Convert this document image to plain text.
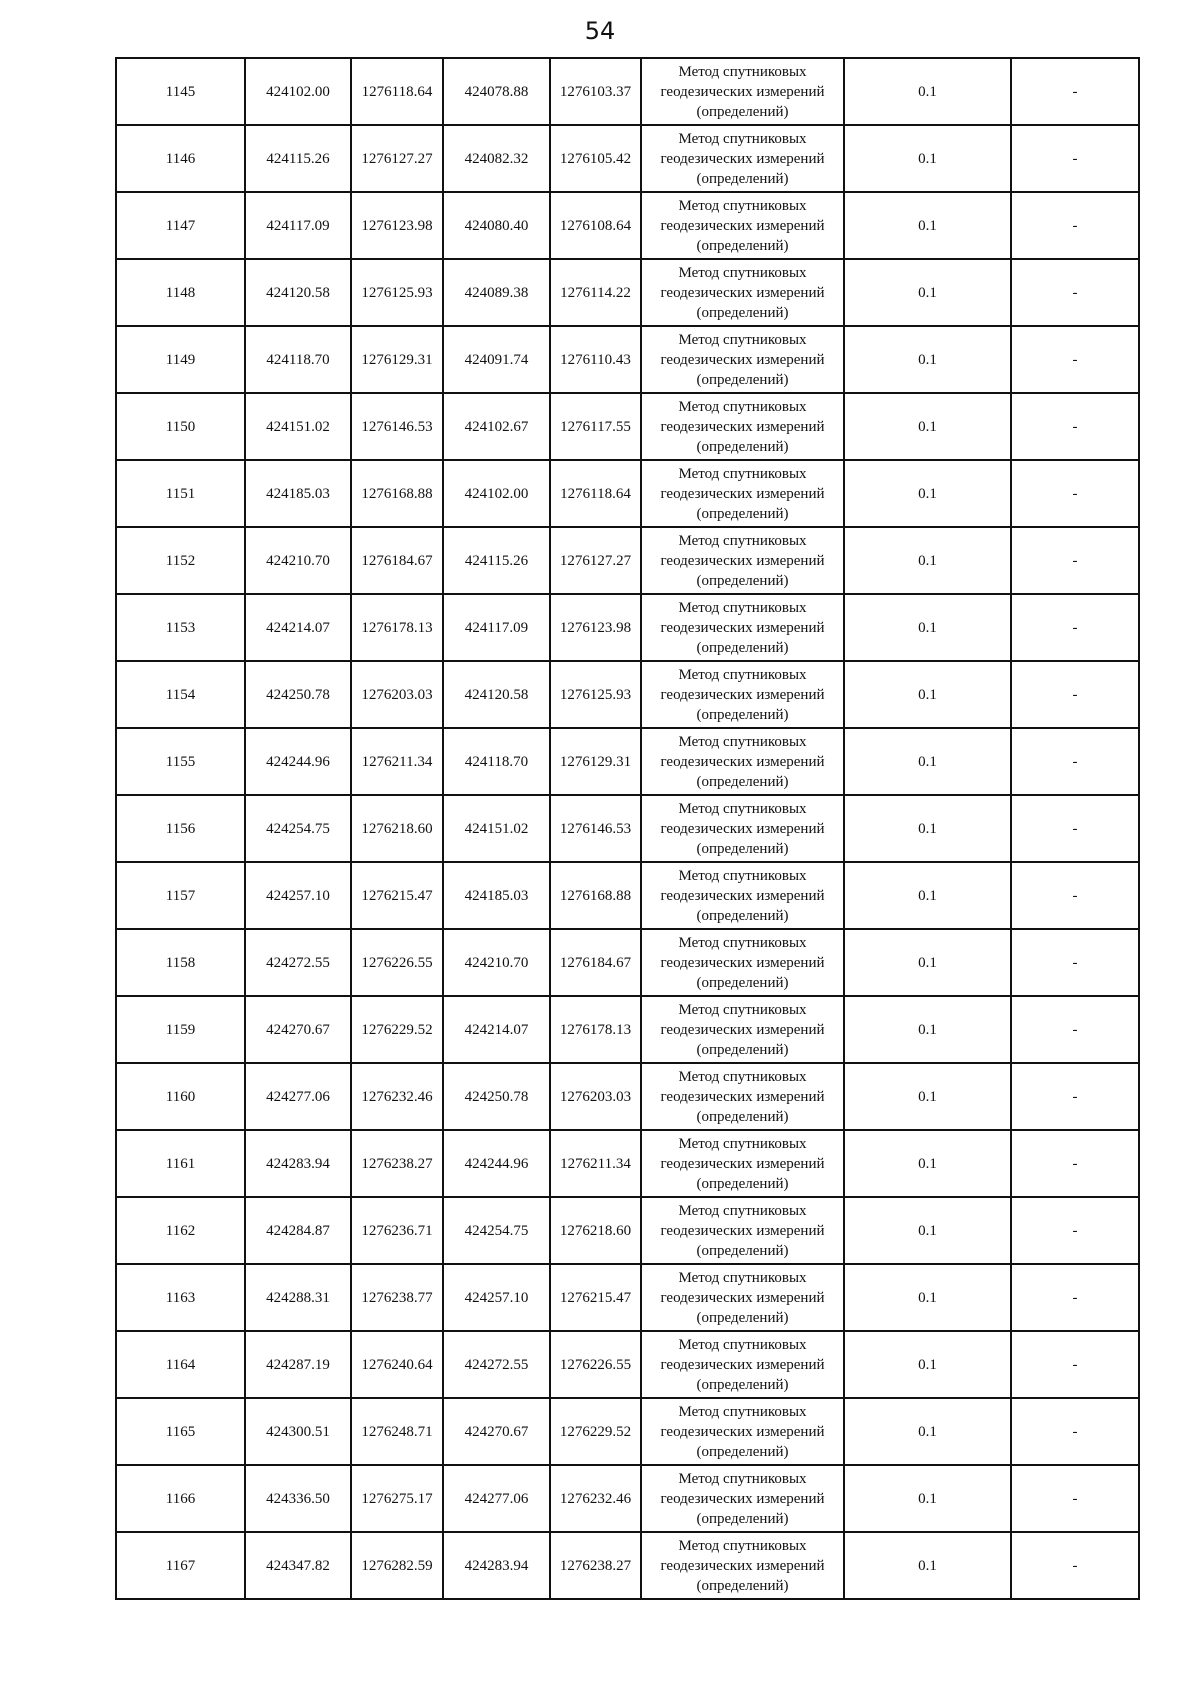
54
1145	424102.00	1276118.64	424078.88	1276103.37	Метод спутниковых геодезических измерений (определений)	0.1	-
1146	424115.26	1276127.27	424082.32	1276105.42	Метод спутниковых геодезических измерений (определений)	0.1	-
1147	424117.09	1276123.98	424080.40	1276108.64	Метод спутниковых геодезических измерений (определений)	0.1	-
1148	424120.58	1276125.93	424089.38	1276114.22	Метод спутниковых геодезических измерений (определений)	0.1	-
1149	424118.70	1276129.31	424091.74	1276110.43	Метод спутниковых геодезических измерений (определений)	0.1	-
1150	424151.02	1276146.53	424102.67	1276117.55	Метод спутниковых геодезических измерений (определений)	0.1	-
1151	424185.03	1276168.88	424102.00	1276118.64	Метод спутниковых геодезических измерений (определений)	0.1	-
1152	424210.70	1276184.67	424115.26	1276127.27	Метод спутниковых геодезических измерений (определений)	0.1	-
1153	424214.07	1276178.13	424117.09	1276123.98	Метод спутниковых геодезических измерений (определений)	0.1	-
1154	424250.78	1276203.03	424120.58	1276125.93	Метод спутниковых геодезических измерений (определений)	0.1	-
1155	424244.96	1276211.34	424118.70	1276129.31	Метод спутниковых геодезических измерений (определений)	0.1	-
1156	424254.75	1276218.60	424151.02	1276146.53	Метод спутниковых геодезических измерений (определений)	0.1	-
1157	424257.10	1276215.47	424185.03	1276168.88	Метод спутниковых геодезических измерений (определений)	0.1	-
1158	424272.55	1276226.55	424210.70	1276184.67	Метод спутниковых геодезических измерений (определений)	0.1	-
1159	424270.67	1276229.52	424214.07	1276178.13	Метод спутниковых геодезических измерений (определений)	0.1	-
1160	424277.06	1276232.46	424250.78	1276203.03	Метод спутниковых геодезических измерений (определений)	0.1	-
1161	424283.94	1276238.27	424244.96	1276211.34	Метод спутниковых геодезических измерений (определений)	0.1	-
1162	424284.87	1276236.71	424254.75	1276218.60	Метод спутниковых геодезических измерений (определений)	0.1	-
1163	424288.31	1276238.77	424257.10	1276215.47	Метод спутниковых геодезических измерений (определений)	0.1	-
1164	424287.19	1276240.64	424272.55	1276226.55	Метод спутниковых геодезических измерений (определений)	0.1	-
1165	424300.51	1276248.71	424270.67	1276229.52	Метод спутниковых геодезических измерений (определений)	0.1	-
1166	424336.50	1276275.17	424277.06	1276232.46	Метод спутниковых геодезических измерений (определений)	0.1	-
1167	424347.82	1276282.59	424283.94	1276238.27	Метод спутниковых геодезических измерений (определений)	0.1	-
